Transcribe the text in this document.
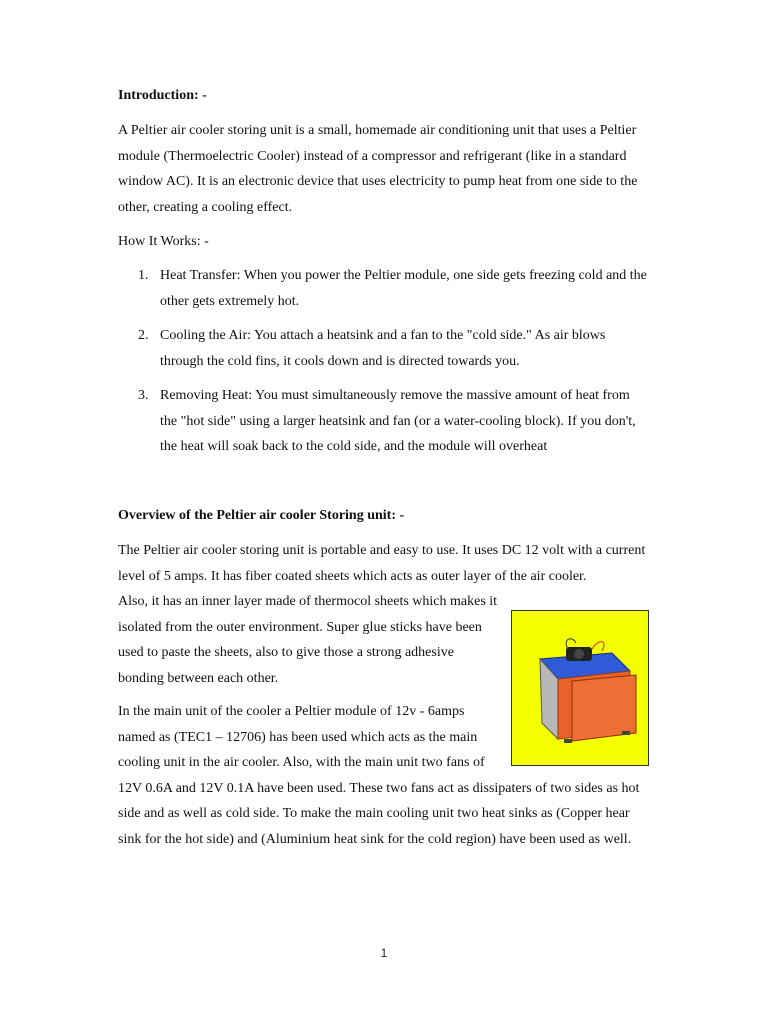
Introduction: -

A Peltier air cooler storing unit is a small, homemade air conditioning unit that uses a Peltier module (Thermoelectric Cooler) instead of a compressor and refrigerant (like in a standard window AC). It is an electronic device that uses electricity to pump heat from one side to the other, creating a cooling effect.

How It Works: -

1. Heat Transfer: When you power the Peltier module, one side gets freezing cold and the other gets extremely hot.
2. Cooling the Air: You attach a heatsink and a fan to the "cold side." As air blows through the cold fins, it cools down and is directed towards you.
3. Removing Heat: You must simultaneously remove the massive amount of heat from the "hot side" using a larger heatsink and fan (or a water-cooling block). If you don't, the heat will soak back to the cold side, and the module will overheat

Overview of the Peltier air cooler Storing unit: -

The Peltier air cooler storing unit is portable and easy to use. It uses DC 12 volt with a current level of 5 amps. It has fiber coated sheets which acts as outer layer of the air cooler.

Also, it has an inner layer made of thermocol sheets which makes it isolated from the outer environment. Super glue sticks have been used to paste the sheets, also to give those a strong adhesive bonding between each other.

In the main unit of the cooler a Peltier module of 12v - 6amps named as (TEC1 – 12706) has been used which acts as the main cooling unit in the air cooler. Also, with the main unit two fans of

12V 0.6A and 12V 0.1A have been used. These two fans act as dissipaters of two sides as hot side and as well as cold side. To make the main cooling unit two heat sinks as (Copper hear sink for the hot side) and (Aluminium heat sink for the cold region) have been used as well.

1
